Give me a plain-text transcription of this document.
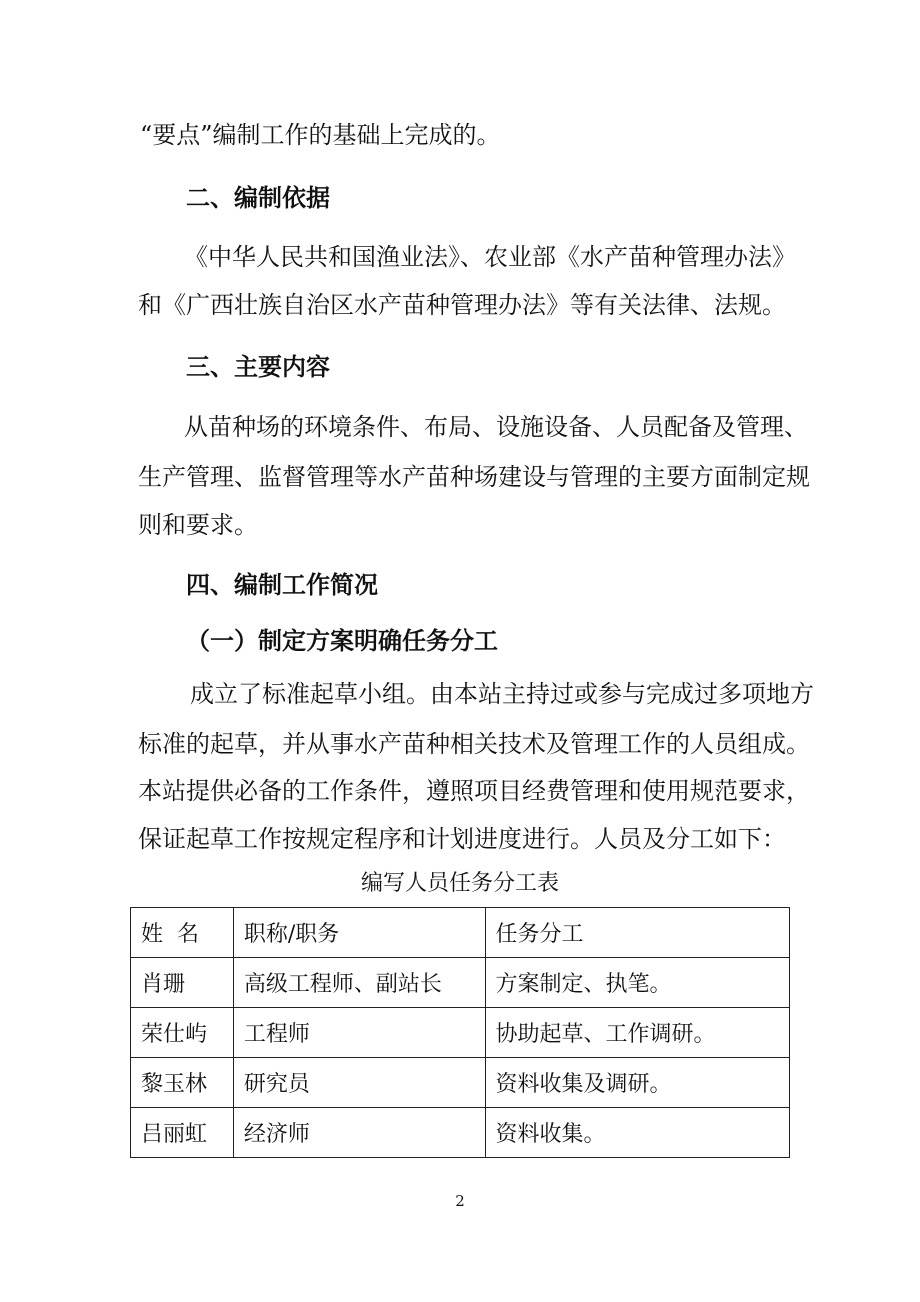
“要点”编制工作的基础上完成的。
二、编制依据
《中华人民共和国渔业法》、农业部《水产苗种管理办法》
和《广西壮族自治区水产苗种管理办法》等有关法律、法规。
三、主要内容
从苗种场的环境条件、布局、设施设备、人员配备及管理、
生产管理、监督管理等水产苗种场建设与管理的主要方面制定规
则和要求。
四、编制工作简况
（一）制定方案明确任务分工
成立了标准起草小组。由本站主持过或参与完成过多项地方
标准的起草，并从事水产苗种相关技术及管理工作的人员组成。
本站提供必备的工作条件，遵照项目经费管理和使用规范要求，
保证起草工作按规定程序和计划进度进行。人员及分工如下：
编写人员任务分工表
姓  名	职称/职务	任务分工
肖珊	高级工程师、副站长	方案制定、执笔。
荣仕屿	工程师	协助起草、工作调研。
黎玉林	研究员	资料收集及调研。
吕丽虹	经济师	资料收集。
2
